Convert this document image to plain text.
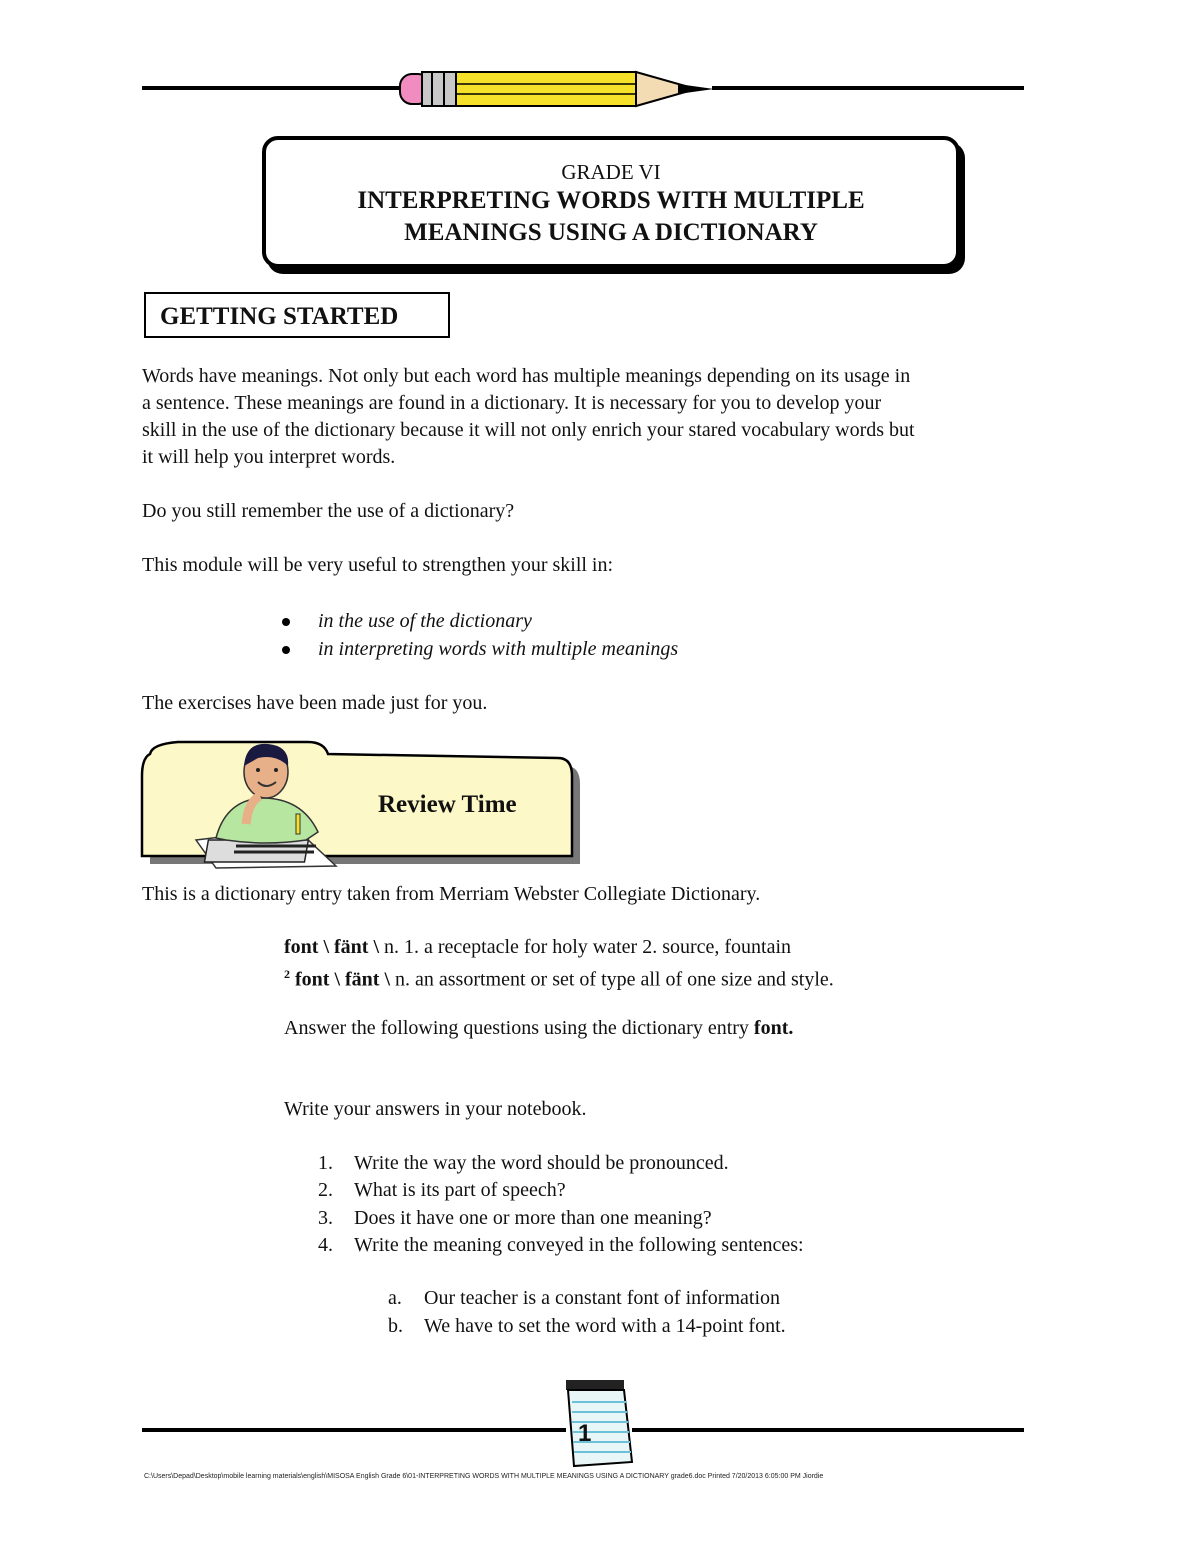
GRADE VI
INTERPRETING WORDS WITH MULTIPLE
MEANINGS USING A DICTIONARY
GETTING STARTED
Words have meanings. Not only but each word has multiple meanings depending on its usage in
a sentence. These meanings are found in a dictionary. It is necessary for you to develop your
skill in the use of the dictionary because it will not only enrich your stared vocabulary words but
it will help you interpret words.
Do you still remember the use of a dictionary?
This module will be very useful to strengthen your skill in:
in the use of the dictionary
in interpreting words with multiple meanings
The exercises have been made just for you.
Review Time
This is a dictionary entry taken from Merriam Webster Collegiate Dictionary.
font \ fänt \ n. 1. a receptacle for holy water 2. source, fountain
$^2$ font \ fänt \ n. an assortment or set of type all of one size and style.
Answer the following questions using the dictionary entry font.
Write your answers in your notebook.
1. Write the way the word should be pronounced.
2. What is its part of speech?
3. Does it have one or more than one meaning?
4. Write the meaning conveyed in the following sentences:
a. Our teacher is a constant font of information
b. We have to set the word with a 14-point font.
1
C:\Users\Depad\Desktop\mobile learning materials\english\MISOSA English Grade 6\01-INTERPRETING WORDS WITH MULTIPLE MEANINGS USING A DICTIONARY grade6.doc Printed 7/20/2013 6:05:00 PM Jiordie
